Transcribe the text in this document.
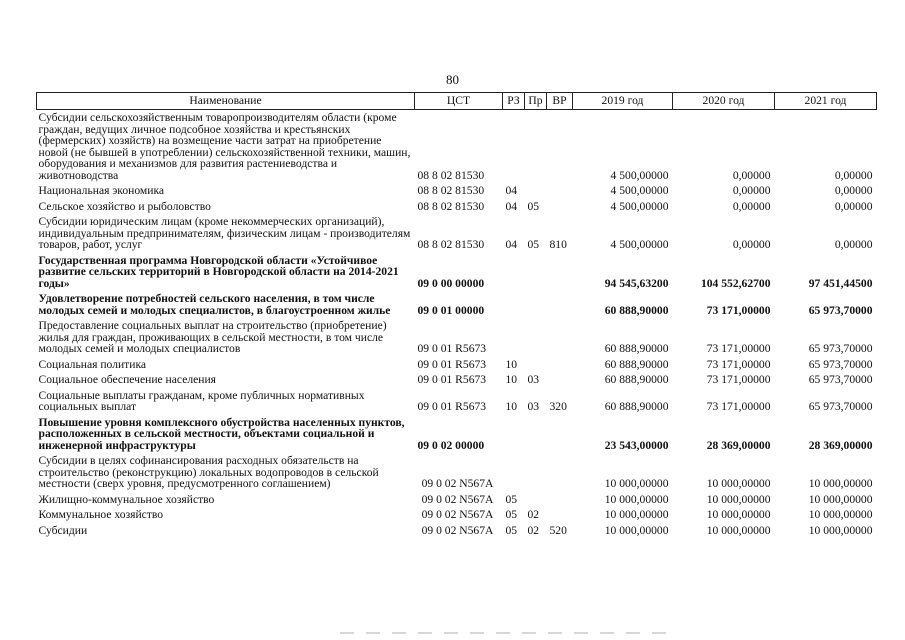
80
Наименование	ЦСТ	РЗ	Пр	ВР	2019 год	2020 год	2021 год
Субсидии сельскохозяйственным товаропроизводителям области (кроме граждан, ведущих личное подсобное хозяйства и крестьянских (фермерских) хозяйств) на возмещение части затрат на приобретение новой (не бывшей в употреблении) сельскохозяйственной техники, машин, оборудования и механизмов для развития растениеводства и животноводства	08 8 02 81530				4 500,00000	0,00000	0,00000
Национальная экономика	08 8 02 81530	04			4 500,00000	0,00000	0,00000
Сельское хозяйство и рыболовство	08 8 02 81530	04	05		4 500,00000	0,00000	0,00000
Субсидии юридическим лицам (кроме некоммерческих организаций), индивидуальным предпринимателям, физическим лицам - производителям товаров, работ, услуг	08 8 02 81530	04	05	810	4 500,00000	0,00000	0,00000
Государственная программа Новгородской области «Устойчивое развитие сельских территорий в Новгородской области на 2014-2021 годы»	09 0 00 00000				94 545,63200	104 552,62700	97 451,44500
Удовлетворение потребностей сельского населения, в том числе молодых семей и молодых специалистов, в благоустроенном жилье	09 0 01 00000				60 888,90000	73 171,00000	65 973,70000
Предоставление социальных выплат на строительство (приобретение) жилья для граждан, проживающих в сельской местности, в том числе молодых семей и молодых специалистов	09 0 01 R5673				60 888,90000	73 171,00000	65 973,70000
Социальная политика	09 0 01 R5673	10			60 888,90000	73 171,00000	65 973,70000
Социальное обеспечение населения	09 0 01 R5673	10	03		60 888,90000	73 171,00000	65 973,70000
Социальные выплаты гражданам, кроме публичных нормативных социальных выплат	09 0 01 R5673	10	03	320	60 888,90000	73 171,00000	65 973,70000
Повышение уровня комплексного обустройства населенных пунктов, расположенных в сельской местности, объектами социальной и инженерной инфраструктуры	09 0 02 00000				23 543,00000	28 369,00000	28 369,00000
Субсидии в целях софинансирования расходных обязательств на строительство (реконструкцию) локальных водопроводов в сельской местности (сверх уровня, предусмотренного соглашением)	09 0 02 N567A				10 000,00000	10 000,00000	10 000,00000
Жилищно-коммунальное хозяйство	09 0 02 N567A	05			10 000,00000	10 000,00000	10 000,00000
Коммунальное хозяйство	09 0 02 N567A	05	02		10 000,00000	10 000,00000	10 000,00000
Субсидии	09 0 02 N567A	05	02	520	10 000,00000	10 000,00000	10 000,00000
